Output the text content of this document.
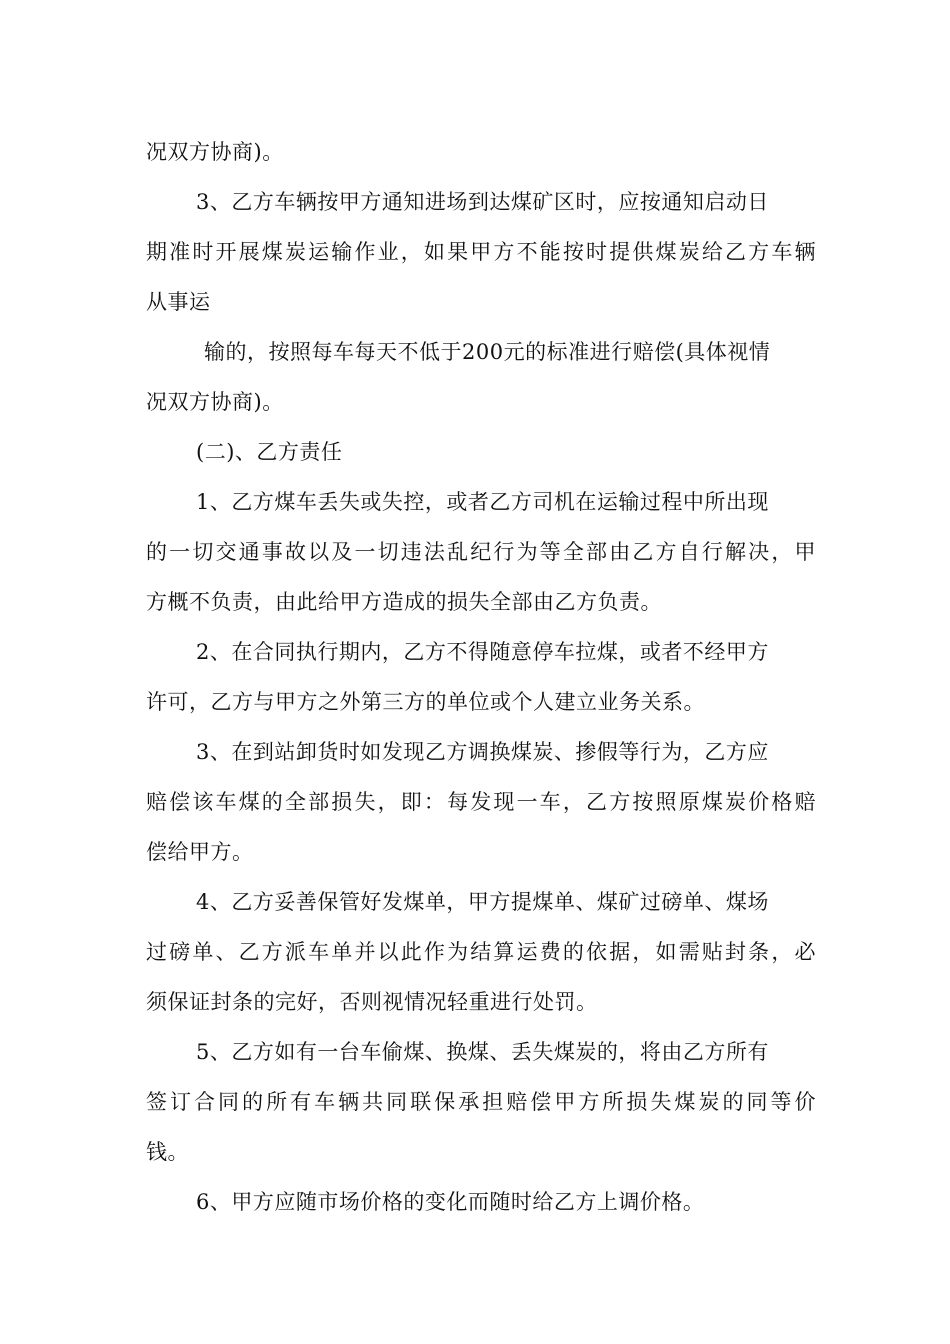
况双方协商)。
3、乙方车辆按甲方通知进场到达煤矿区时，应按通知启动日
期准时开展煤炭运输作业，如果甲方不能按时提供煤炭给乙方车辆
从事运
输的，按照每车每天不低于200元的标准进行赔偿(具体视情
况双方协商)。
(二)、乙方责任
1、乙方煤车丢失或失控，或者乙方司机在运输过程中所出现
的一切交通事故以及一切违法乱纪行为等全部由乙方自行解决，甲
方概不负责，由此给甲方造成的损失全部由乙方负责。
2、在合同执行期内，乙方不得随意停车拉煤，或者不经甲方
许可，乙方与甲方之外第三方的单位或个人建立业务关系。
3、在到站卸货时如发现乙方调换煤炭、掺假等行为，乙方应
赔偿该车煤的全部损失，即：每发现一车，乙方按照原煤炭价格赔
偿给甲方。
4、乙方妥善保管好发煤单，甲方提煤单、煤矿过磅单、煤场
过磅单、乙方派车单并以此作为结算运费的依据，如需贴封条，必
须保证封条的完好，否则视情况轻重进行处罚。
5、乙方如有一台车偷煤、换煤、丢失煤炭的，将由乙方所有
签订合同的所有车辆共同联保承担赔偿甲方所损失煤炭的同等价
钱。
6、甲方应随市场价格的变化而随时给乙方上调价格。
